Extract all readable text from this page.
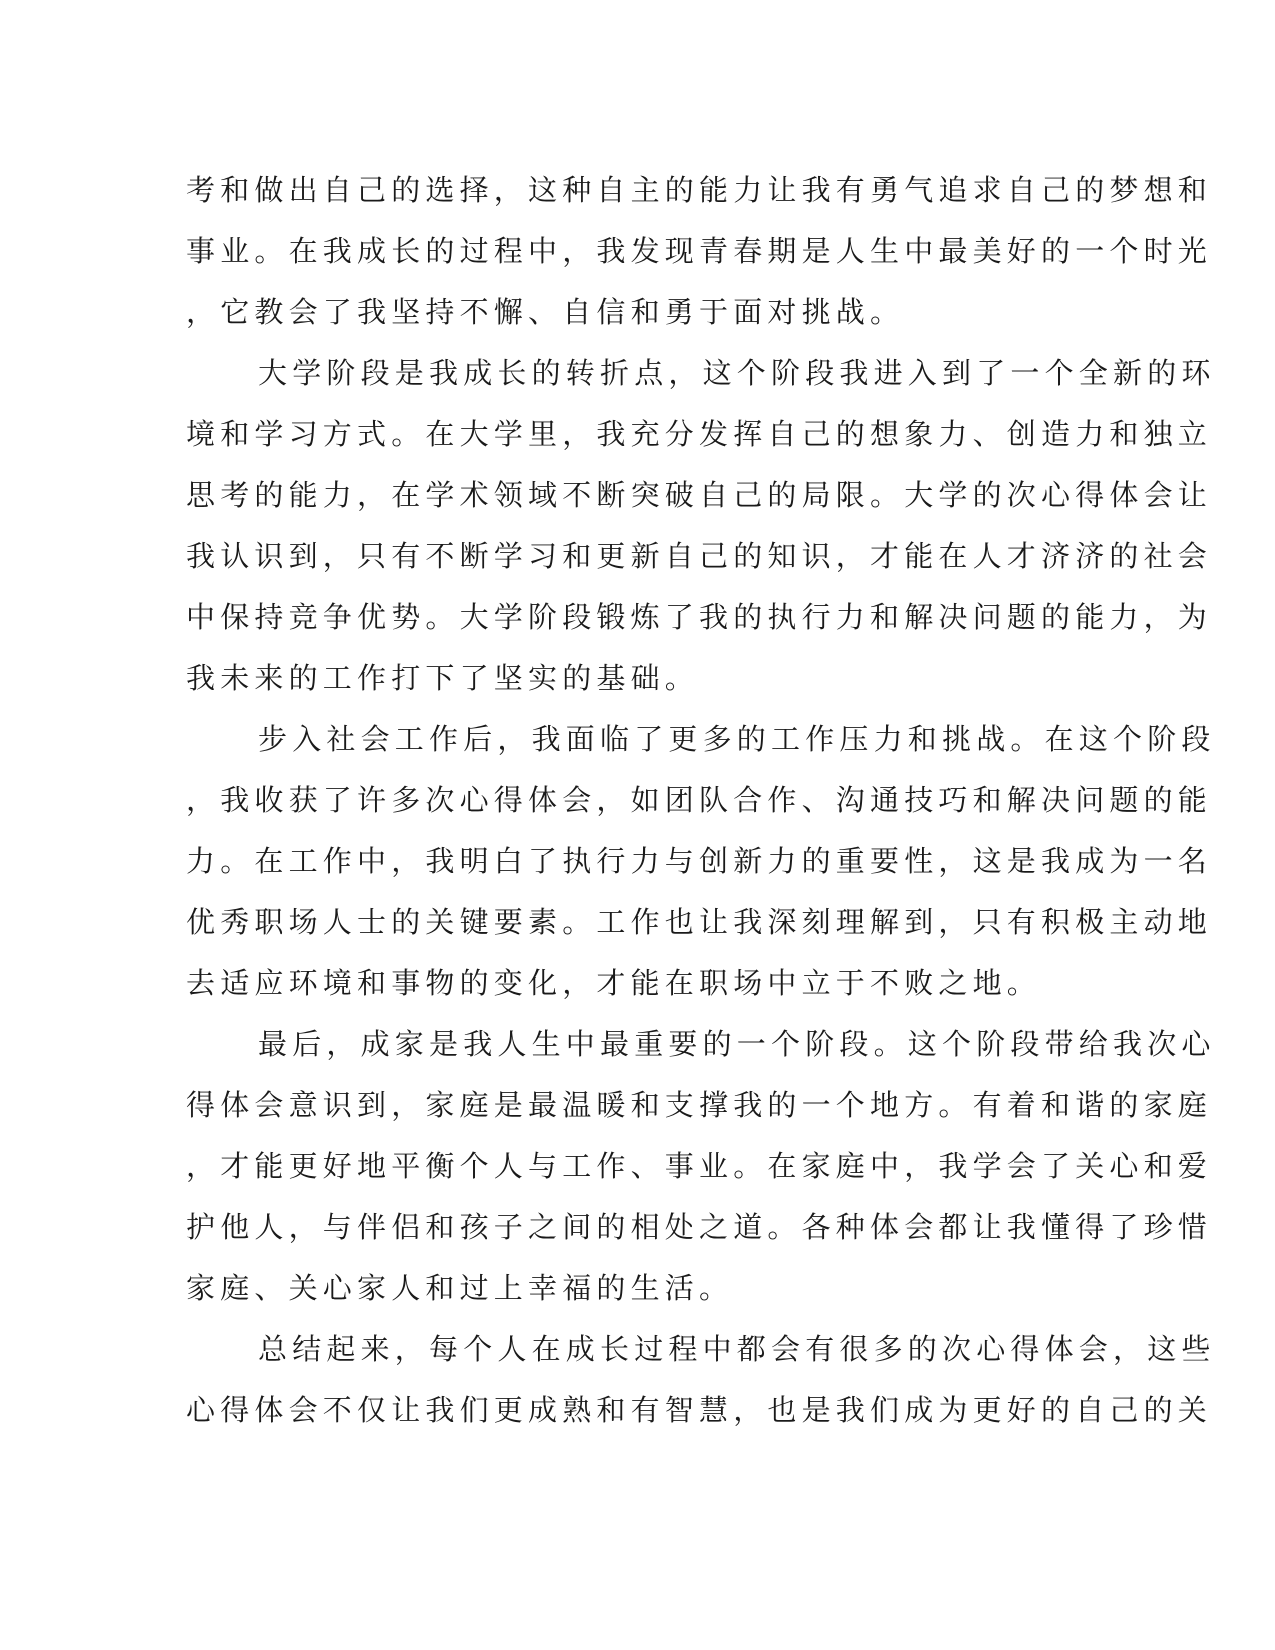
考和做出自己的选择，这种自主的能力让我有勇气追求自己的梦想和
事业。在我成长的过程中，我发现青春期是人生中最美好的一个时光
，它教会了我坚持不懈、自信和勇于面对挑战。
大学阶段是我成长的转折点，这个阶段我进入到了一个全新的环
境和学习方式。在大学里，我充分发挥自己的想象力、创造力和独立
思考的能力，在学术领域不断突破自己的局限。大学的次心得体会让
我认识到，只有不断学习和更新自己的知识，才能在人才济济的社会
中保持竞争优势。大学阶段锻炼了我的执行力和解决问题的能力，为
我未来的工作打下了坚实的基础。
步入社会工作后，我面临了更多的工作压力和挑战。在这个阶段
，我收获了许多次心得体会，如团队合作、沟通技巧和解决问题的能
力。在工作中，我明白了执行力与创新力的重要性，这是我成为一名
优秀职场人士的关键要素。工作也让我深刻理解到，只有积极主动地
去适应环境和事物的变化，才能在职场中立于不败之地。
最后，成家是我人生中最重要的一个阶段。这个阶段带给我次心
得体会意识到，家庭是最温暖和支撑我的一个地方。有着和谐的家庭
，才能更好地平衡个人与工作、事业。在家庭中，我学会了关心和爱
护他人，与伴侣和孩子之间的相处之道。各种体会都让我懂得了珍惜
家庭、关心家人和过上幸福的生活。
总结起来，每个人在成长过程中都会有很多的次心得体会，这些
心得体会不仅让我们更成熟和有智慧，也是我们成为更好的自己的关
